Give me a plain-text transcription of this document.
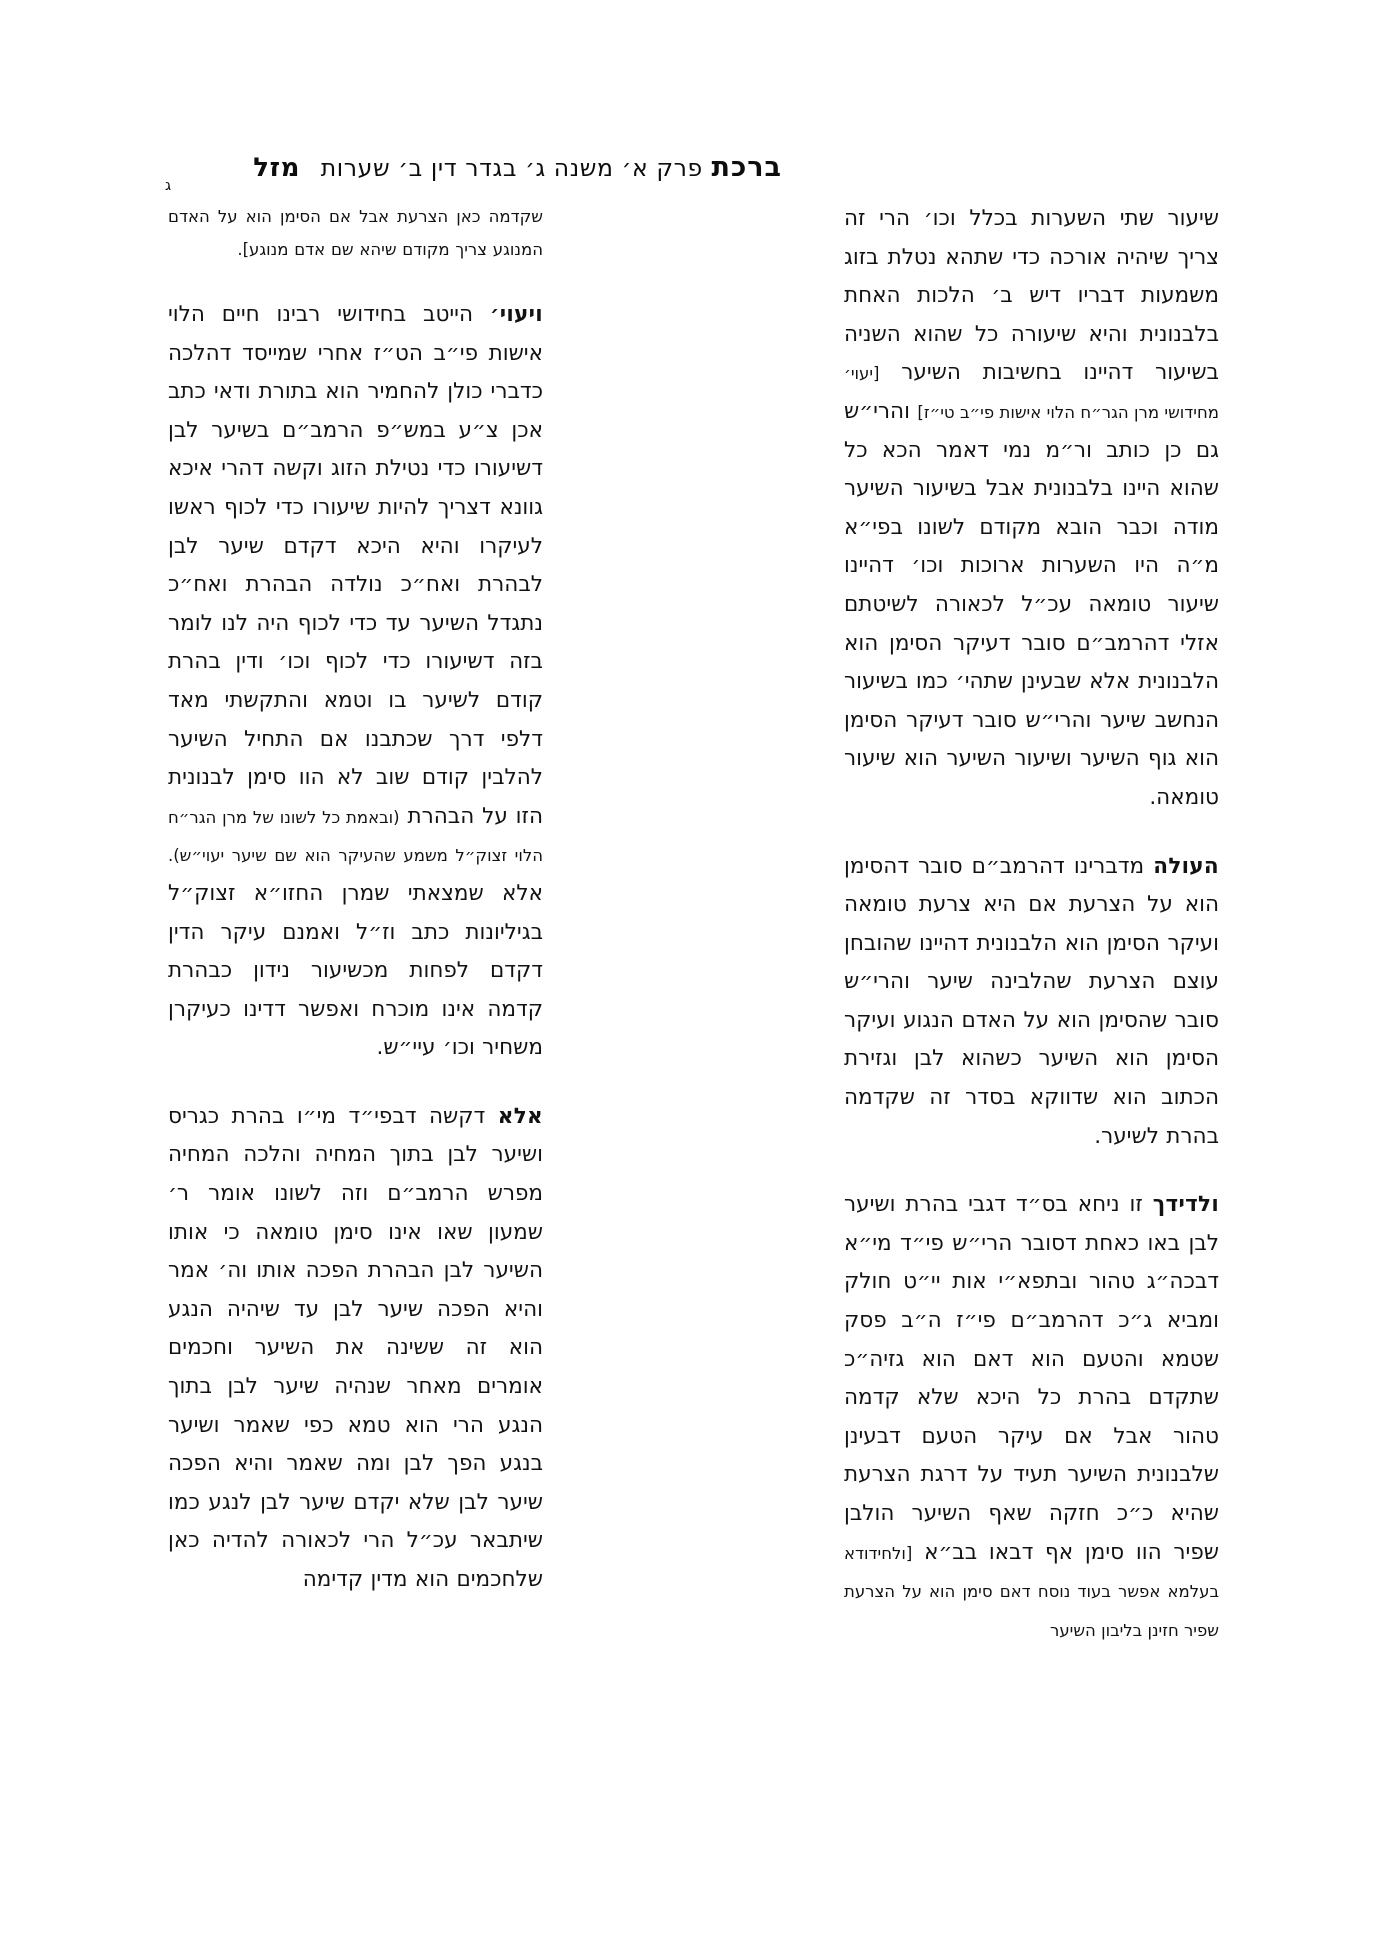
ברכת פרק א׳ משנה ג׳ בגדר דין ב׳ שערות מזל
ג

שיעור שתי השערות בכלל וכו׳ הרי זה צריך שיהיה אורכה כדי שתהא נטלת בזוג משמעות דבריו דיש ב׳ הלכות האחת בלבנונית והיא שיעורה כל שהוא השניה בשיעור דהיינו בחשיבות השיער [יעוי׳ מחידושי מרן הגר״ח הלוי אישות פי״ב טי״ז] והרי״ש גם כן כותב ור״מ נמי דאמר הכא כל שהוא היינו בלבנונית אבל בשיעור השיער מודה וכבר הובא מקודם לשונו בפי״א מ״ה היו השערות ארוכות וכו׳ דהיינו שיעור טומאה עכ״ל לכאורה לשיטתם אזלי דהרמב״ם סובר דעיקר הסימן הוא הלבנונית אלא שבעינן שתהי׳ כמו בשיעור הנחשב שיער והרי״ש סובר דעיקר הסימן הוא גוף השיער ושיעור השיער הוא שיעור טומאה.

העולה מדברינו דהרמב״ם סובר דהסימן הוא על הצרעת אם היא צרעת טומאה ועיקר הסימן הוא הלבנונית דהיינו שהובחן עוצם הצרעת שהלבינה שיער והרי״ש סובר שהסימן הוא על האדם הנגוע ועיקר הסימן הוא השיער כשהוא לבן וגזירת הכתוב הוא שדווקא בסדר זה שקדמה בהרת לשיער.

ולדידך זו ניחא בס״ד דגבי בהרת ושיער לבן באו כאחת דסובר הרי״ש פי״ד מי״א דבכה״ג טהור ובתפא״י אות יי״ט חולק ומביא ג״כ דהרמב״ם פי״ז ה״ב פסק שטמא והטעם הוא דאם הוא גזיה״כ שתקדם בהרת כל היכא שלא קדמה טהור אבל אם עיקר הטעם דבעינן שלבנונית השיער תעיד על דרגת הצרעת שהיא כ״כ חזקה שאף השיער הולבן שפיר הוו סימן אף דבאו בב״א [ולחידודא בעלמא אפשר בעוד נוסח דאם סימן הוא על הצרעת שפיר חזינן בליבון השיער

שקדמה כאן הצרעת אבל אם הסימן הוא על האדם המנוגע צריך מקודם שיהא שם אדם מנוגע].

ויעוי׳ הייטב בחידושי רבינו חיים הלוי אישות פי״ב הט״ז אחרי שמייסד דהלכה כדברי כולן להחמיר הוא בתורת ודאי כתב אכן צ״ע במש״פ הרמב״ם בשיער לבן דשיעורו כדי נטילת הזוג וקשה דהרי איכא גוונא דצריך להיות שיעורו כדי לכוף ראשו לעיקרו והיא היכא דקדם שיער לבן לבהרת ואח״כ נולדה הבהרת ואח״כ נתגדל השיער עד כדי לכוף היה לנו לומר בזה דשיעורו כדי לכוף וכו׳ ודין בהרת קודם לשיער בו וטמא והתקשתי מאד דלפי דרך שכתבנו אם התחיל השיער להלבין קודם שוב לא הוו סימן לבנונית הזו על הבהרת (ובאמת כל לשונו של מרן הגר״ח הלוי זצוק״ל משמע שהעיקר הוא שם שיער יעוי״ש). אלא שמצאתי שמרן החזו״א זצוק״ל בגיליונות כתב וז״ל ואמנם עיקר הדין דקדם לפחות מכשיעור נידון כבהרת קדמה אינו מוכרח ואפשר דדינו כעיקרן משחיר וכו׳ עיי״ש.

אלא דקשה דבפי״ד מי״ו בהרת כגריס ושיער לבן בתוך המחיה והלכה המחיה מפרש הרמב״ם וזה לשונו אומר ר׳ שמעון שאו אינו סימן טומאה כי אותו השיער לבן הבהרת הפכה אותו וה׳ אמר והיא הפכה שיער לבן עד שיהיה הנגע הוא זה ששינה את השיער וחכמים אומרים מאחר שנהיה שיער לבן בתוך הנגע הרי הוא טמא כפי שאמר ושיער בנגע הפך לבן ומה שאמר והיא הפכה שיער לבן שלא יקדם שיער לבן לנגע כמו שיתבאר עכ״ל הרי לכאורה להדיה כאן שלחכמים הוא מדין קדימה
